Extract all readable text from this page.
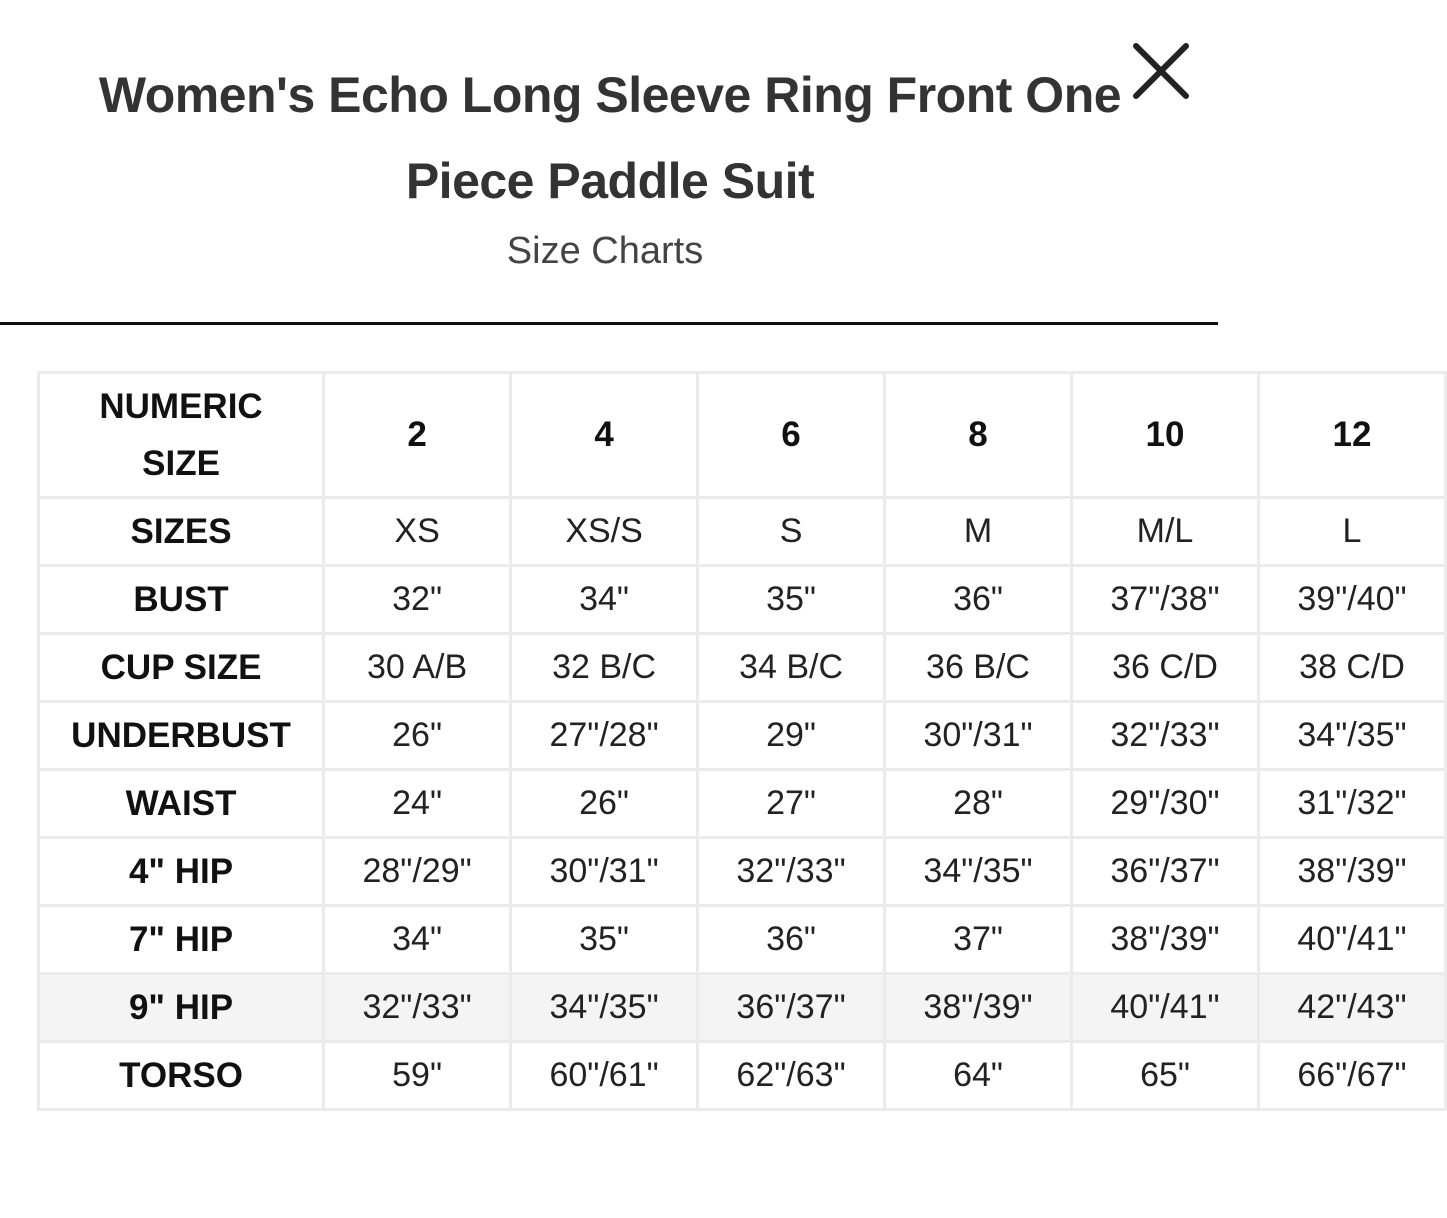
Women's Echo Long Sleeve Ring Front One Piece Paddle Suit

Size Charts

NUMERIC
SIZE	2	4	6	8	10	12
SIZES	XS	XS/S	S	M	M/L	L
BUST	32"	34"	35"	36"	37"/38"	39"/40"
CUP SIZE	30 A/B	32 B/C	34 B/C	36 B/C	36 C/D	38 C/D
UNDERBUST	26"	27"/28"	29"	30"/31"	32"/33"	34"/35"
WAIST	24"	26"	27"	28"	29"/30"	31"/32"
4" HIP	28"/29"	30"/31"	32"/33"	34"/35"	36"/37"	38"/39"
7" HIP	34"	35"	36"	37"	38"/39"	40"/41"
9" HIP	32"/33"	34"/35"	36"/37"	38"/39"	40"/41"	42"/43"
TORSO	59"	60"/61"	62"/63"	64"	65"	66"/67"
